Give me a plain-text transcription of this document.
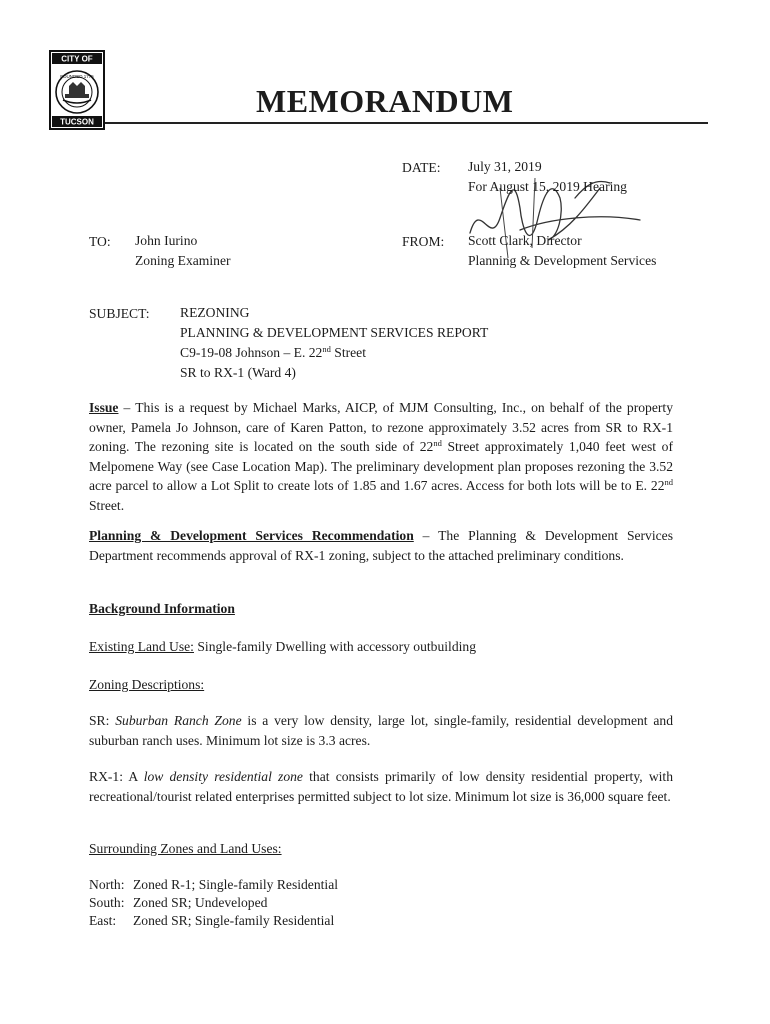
CITY OF
FOUNDED 1775
TUCSON
MEMORANDUM
DATE: July 31, 2019
For August 15, 2019 Hearing
TO: John Iurino
Zoning Examiner
FROM: Scott Clark, Director
Planning & Development Services
SUBJECT: REZONING
PLANNING & DEVELOPMENT SERVICES REPORT
C9-19-08 Johnson – E. 22nd Street
SR to RX-1 (Ward 4)
Issue – This is a request by Michael Marks, AICP, of MJM Consulting, Inc., on behalf of the property owner, Pamela Jo Johnson, care of Karen Patton, to rezone approximately 3.52 acres from SR to RX-1 zoning. The rezoning site is located on the south side of 22nd Street approximately 1,040 feet west of Melpomene Way (see Case Location Map). The preliminary development plan proposes rezoning the 3.52 acre parcel to allow a Lot Split to create lots of 1.85 and 1.67 acres. Access for both lots will be to E. 22nd Street.
Planning & Development Services Recommendation – The Planning & Development Services Department recommends approval of RX-1 zoning, subject to the attached preliminary conditions.
Background Information
Existing Land Use: Single-family Dwelling with accessory outbuilding
Zoning Descriptions:
SR: Suburban Ranch Zone is a very low density, large lot, single-family, residential development and suburban ranch uses. Minimum lot size is 3.3 acres.
RX-1: A low density residential zone that consists primarily of low density residential property, with recreational/tourist related enterprises permitted subject to lot size. Minimum lot size is 36,000 square feet.
Surrounding Zones and Land Uses:
North: Zoned R-1; Single-family Residential
South: Zoned SR; Undeveloped
East: Zoned SR; Single-family Residential
